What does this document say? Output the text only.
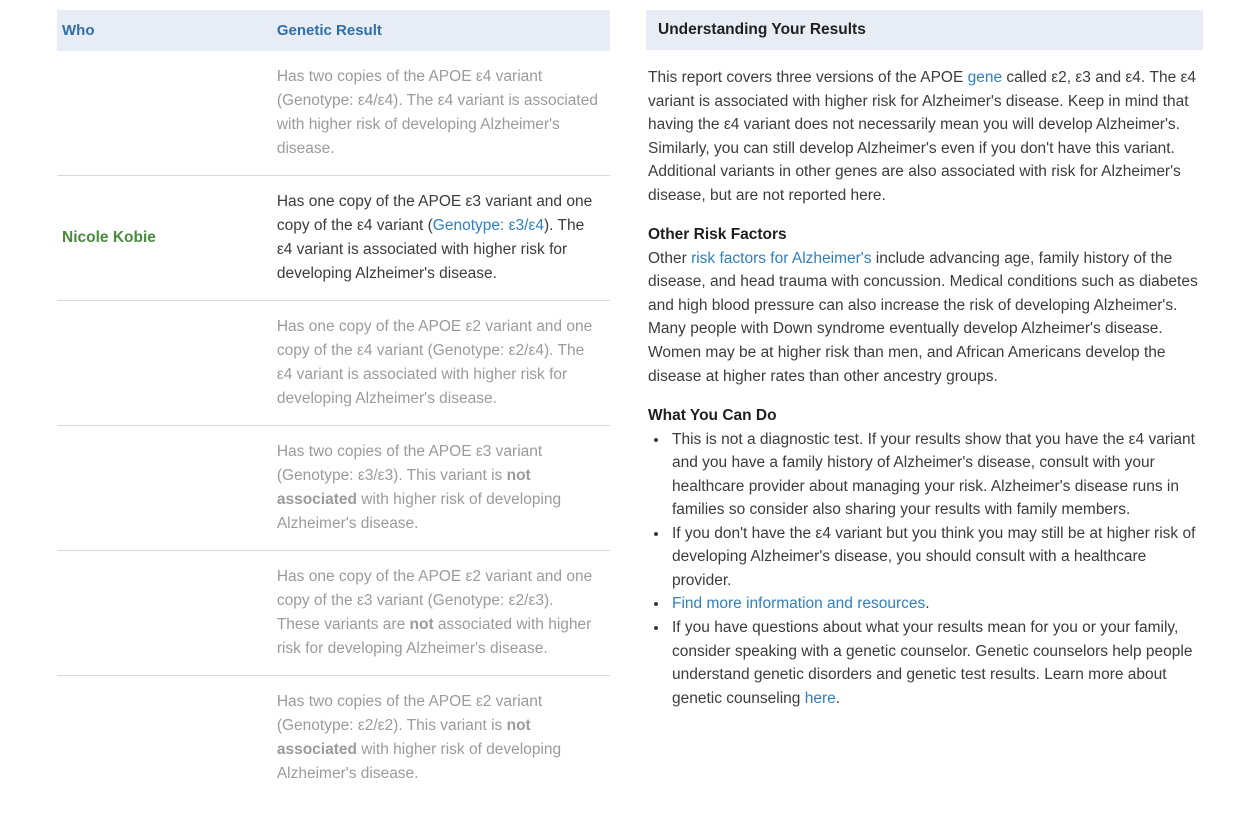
Who	Genetic Result
	Has two copies of the APOE ε4 variant (Genotype: ε4/ε4). The ε4 variant is associated with higher risk of developing Alzheimer's disease.
Nicole Kobie	Has one copy of the APOE ε3 variant and one copy of the ε4 variant (Genotype: ε3/ε4). The ε4 variant is associated with higher risk for developing Alzheimer's disease.
	Has one copy of the APOE ε2 variant and one copy of the ε4 variant (Genotype: ε2/ε4). The ε4 variant is associated with higher risk for developing Alzheimer's disease.
	Has two copies of the APOE ε3 variant (Genotype: ε3/ε3). This variant is not associated with higher risk of developing Alzheimer's disease.
	Has one copy of the APOE ε2 variant and one copy of the ε3 variant (Genotype: ε2/ε3). These variants are not associated with higher risk for developing Alzheimer's disease.
	Has two copies of the APOE ε2 variant (Genotype: ε2/ε2). This variant is not associated with higher risk of developing Alzheimer's disease.
Understanding Your Results

This report covers three versions of the APOE gene called ε2, ε3 and ε4. The ε4 variant is associated with higher risk for Alzheimer's disease. Keep in mind that having the ε4 variant does not necessarily mean you will develop Alzheimer's. Similarly, you can still develop Alzheimer's even if you don't have this variant. Additional variants in other genes are also associated with risk for Alzheimer's disease, but are not reported here.

Other Risk Factors

Other risk factors for Alzheimer's include advancing age, family history of the disease, and head trauma with concussion. Medical conditions such as diabetes and high blood pressure can also increase the risk of developing Alzheimer's. Many people with Down syndrome eventually develop Alzheimer's disease. Women may be at higher risk than men, and African Americans develop the disease at higher rates than other ancestry groups.

What You Can Do

• This is not a diagnostic test. If your results show that you have the ε4 variant and you have a family history of Alzheimer's disease, consult with your healthcare provider about managing your risk. Alzheimer's disease runs in families so consider also sharing your results with family members.
• If you don't have the ε4 variant but you think you may still be at higher risk of developing Alzheimer's disease, you should consult with a healthcare provider.
• Find more information and resources.
• If you have questions about what your results mean for you or your family, consider speaking with a genetic counselor. Genetic counselors help people understand genetic disorders and genetic test results. Learn more about genetic counseling here.
